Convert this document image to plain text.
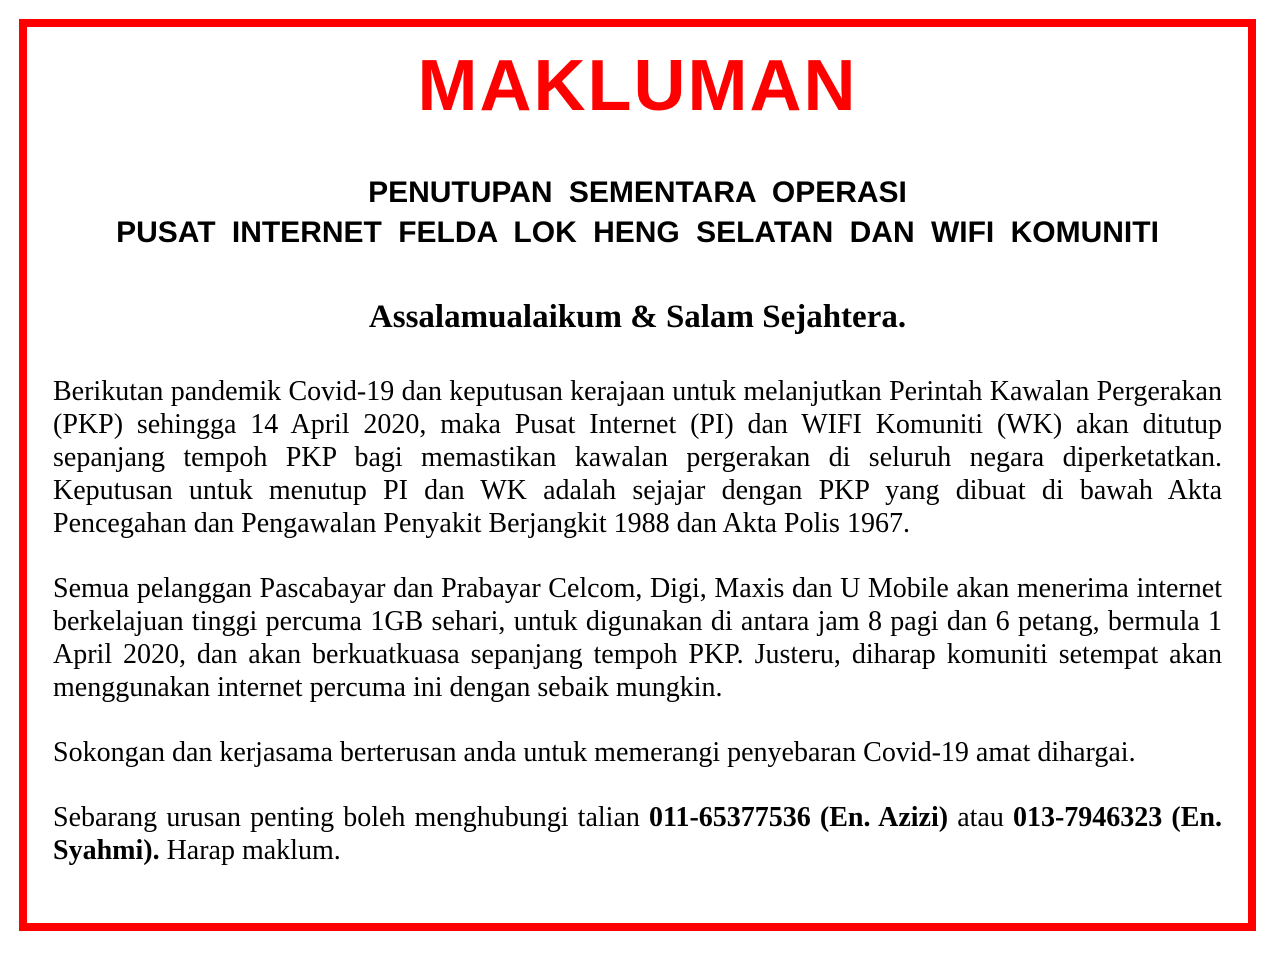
MAKLUMAN
PENUTUPAN SEMENTARA OPERASI
PUSAT INTERNET FELDA LOK HENG SELATAN DAN WIFI KOMUNITI

Assalamualaikum & Salam Sejahtera.

Berikutan pandemik Covid-19 dan keputusan kerajaan untuk melanjutkan Perintah Kawalan Pergerakan (PKP) sehingga 14 April 2020, maka Pusat Internet (PI) dan WIFI Komuniti (WK) akan ditutup sepanjang tempoh PKP bagi memastikan kawalan pergerakan di seluruh negara diperketatkan. Keputusan untuk menutup PI dan WK adalah sejajar dengan PKP yang dibuat di bawah Akta Pencegahan dan Pengawalan Penyakit Berjangkit 1988 dan Akta Polis 1967.

Semua pelanggan Pascabayar dan Prabayar Celcom, Digi, Maxis dan U Mobile akan menerima internet berkelajuan tinggi percuma 1GB sehari, untuk digunakan di antara jam 8 pagi dan 6 petang, bermula 1 April 2020, dan akan berkuatkuasa sepanjang tempoh PKP. Justeru, diharap komuniti setempat akan menggunakan internet percuma ini dengan sebaik mungkin.

Sokongan dan kerjasama berterusan anda untuk memerangi penyebaran Covid-19 amat dihargai.

Sebarang urusan penting boleh menghubungi talian 011-65377536 (En. Azizi) atau 013-7946323 (En. Syahmi). Harap maklum.
